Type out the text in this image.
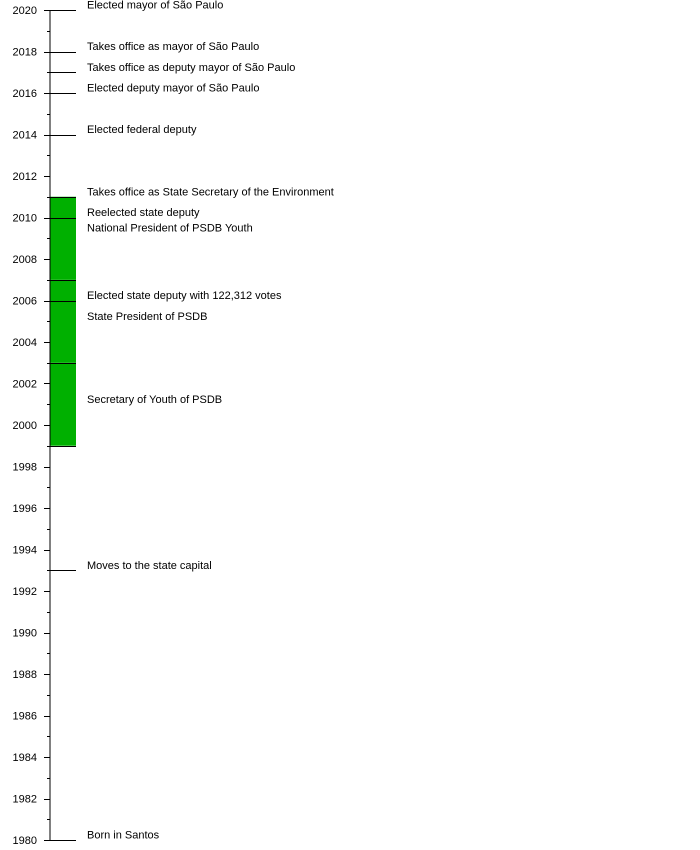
1980
1982
1984
1986
1988
1990
1992
1994
1996
1998
2000
2002
2004
2006
2008
2010
2012
2014
2016
2018
2020	Elected mayor of São Paulo
Takes office as mayor of São Paulo
Takes office as deputy mayor of São Paulo
Elected deputy mayor of São Paulo
Elected federal deputy
Takes office as State Secretary of the Environment
Reelected state deputy
National President of PSDB Youth
Elected state deputy with 122,312 votes
State President of PSDB
Secretary of Youth of PSDB
Moves to the state capital
Born in Santos
